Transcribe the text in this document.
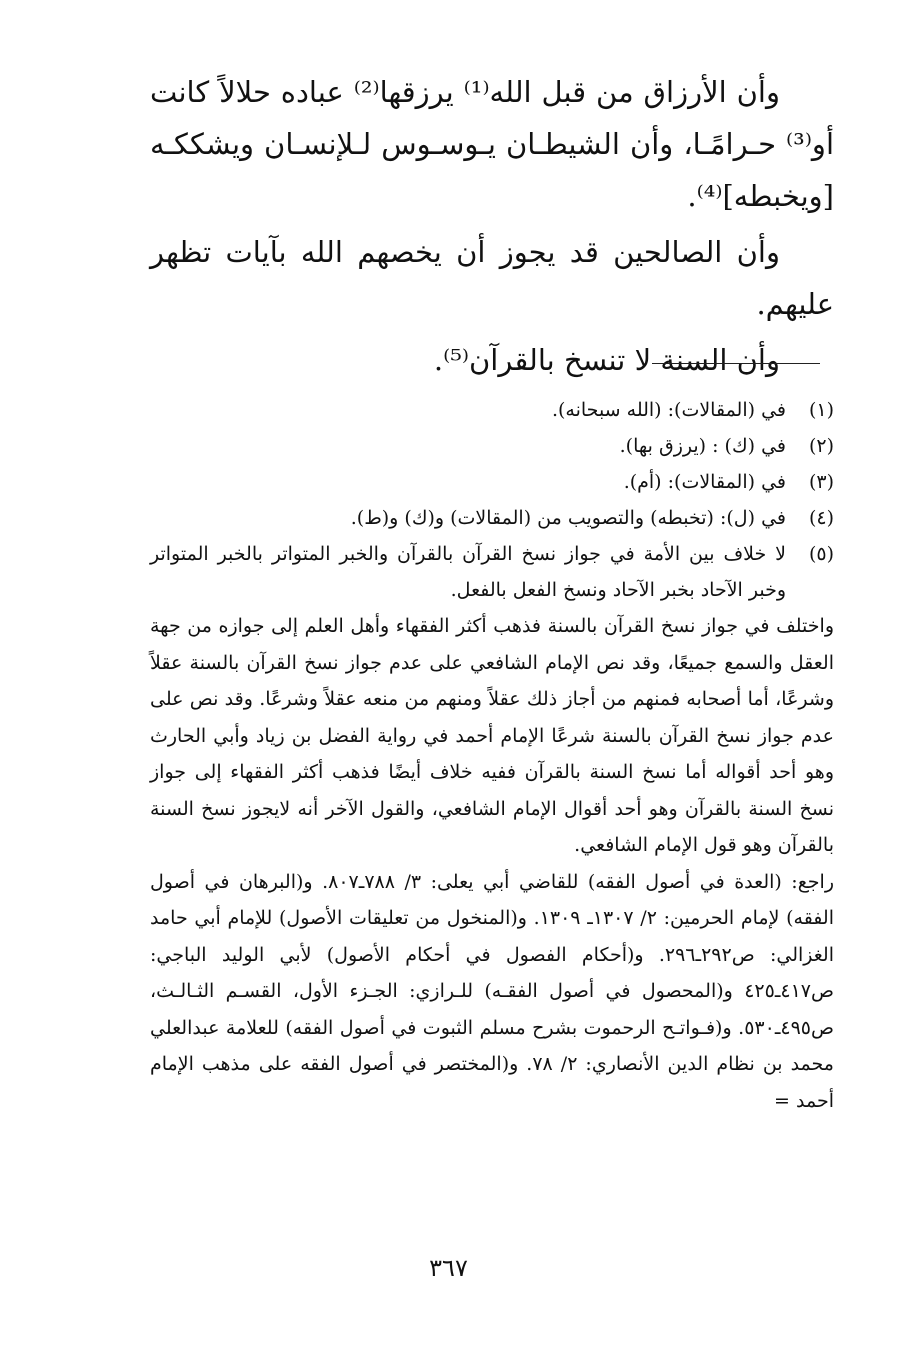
وأن الأرزاق من قبل الله⁽¹⁾ يرزقها⁽²⁾ عباده حلالاً كانت أو⁽³⁾ حـرامًـا، وأن الشيطـان يـوسـوس لـلإنسـان ويشككـه [ويخبطه]⁽⁴⁾.

وأن الصالحين قد يجوز أن يخصهم الله بآيات تظهر عليهم.

وأن السنة لا تنسخ بالقرآن⁽⁵⁾.

(١)
في (المقالات): (الله سبحانه).
(٢)
في (ك) : (يرزق بها).
(٣)
في (المقالات): (أم).
(٤)
في (ل): (تخبطه) والتصويب من (المقالات) و(ك) و(ط).
(٥)
لا خلاف بين الأمة في جواز نسخ القرآن بالقرآن والخبر المتواتر بالخبر المتواتر وخبر الآحاد بخبر الآحاد ونسخ الفعل بالفعل.

واختلف في جواز نسخ القرآن بالسنة فذهب أكثر الفقهاء وأهل العلم إلى جوازه من جهة العقل والسمع جميعًا، وقد نص الإمام الشافعي على عدم جواز نسخ القرآن بالسنة عقلاً وشرعًا، أما أصحابه فمنهم من أجاز ذلك عقلاً ومنهم من منعه عقلاً وشرعًا. وقد نص على عدم جواز نسخ القرآن بالسنة شرعًا الإمام أحمد في رواية الفضل بن زياد وأبي الحارث وهو أحد أقواله أما نسخ السنة بالقرآن ففيه خلاف أيضًا فذهب أكثر الفقهاء إلى جواز نسخ السنة بالقرآن وهو أحد أقوال الإمام الشافعي، والقول الآخر أنه لايجوز نسخ السنة بالقرآن وهو قول الإمام الشافعي.

راجع: (العدة في أصول الفقه) للقاضي أبي يعلى: ٣/ ٧٨٨ـ٨٠٧. و(البرهان في أصول الفقه) لإمام الحرمين: ٢/ ١٣٠٧ـ ١٣٠٩. و(المنخول من تعليقات الأصول) للإمام أبي حامد الغزالي: ص٢٩٢ـ٢٩٦. و(أحكام الفصول في أحكام الأصول) لأبي الوليد الباجي: ص٤١٧ـ٤٢٥ و(المحصول في أصول الفقـه) للـرازي: الجـزء الأول، القسـم الثـالـث، ص٤٩٥ـ٥٣٠. و(فـواتـح الرحموت بشرح مسلم الثبوت في أصول الفقه) للعلامة عبدالعلي محمد بن نظام الدين الأنصاري: ٢/ ٧٨. و(المختصر في أصول الفقه على مذهب الإمام أحمد =

٣٦٧
